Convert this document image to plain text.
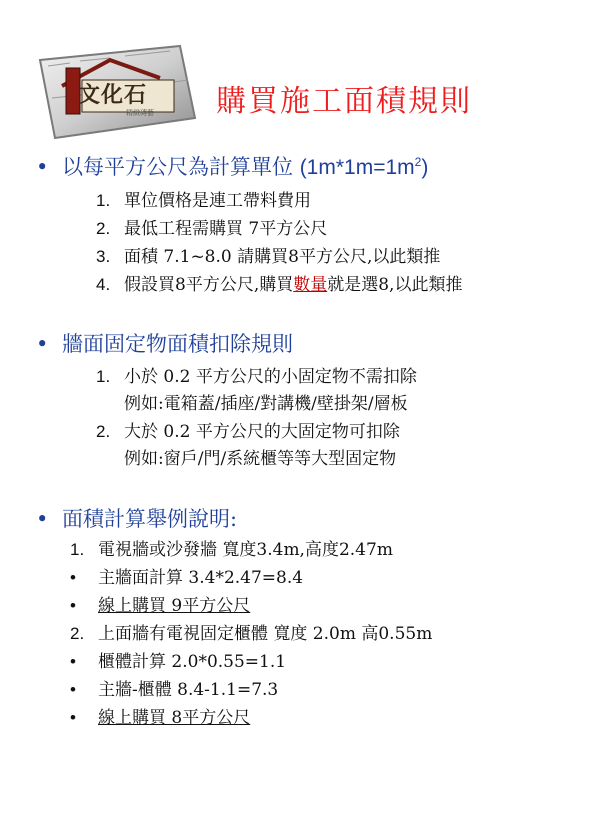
文化石
精緻磚藝 購買施工面積規則
• 以每平方公尺為計算單位 $(1m*1m=1m^2)$
1. 單位價格是連工帶料費用
2. 最低工程需購買 7平方公尺
3. 面積 7.1~8.0 請購買8平方公尺,以此類推
4. 假設買8平方公尺,購買數量就是選8,以此類推
• 牆面固定物面積扣除規則
1. 小於 0.2 平方公尺的小固定物不需扣除
例如:電箱蓋/插座/對講機/壁掛架/層板
2. 大於 0.2 平方公尺的大固定物可扣除
例如:窗戶/門/系統櫃等等大型固定物
• 面積計算舉例說明:
1. 電視牆或沙發牆 寬度3.4m,高度2.47m
• 主牆面計算 3.4*2.47=8.4
• 線上購買 9平方公尺
2. 上面牆有電視固定櫃體 寬度 2.0m 高0.55m
• 櫃體計算 2.0*0.55=1.1
• 主牆-櫃體 8.4-1.1=7.3
• 線上購買 8平方公尺
